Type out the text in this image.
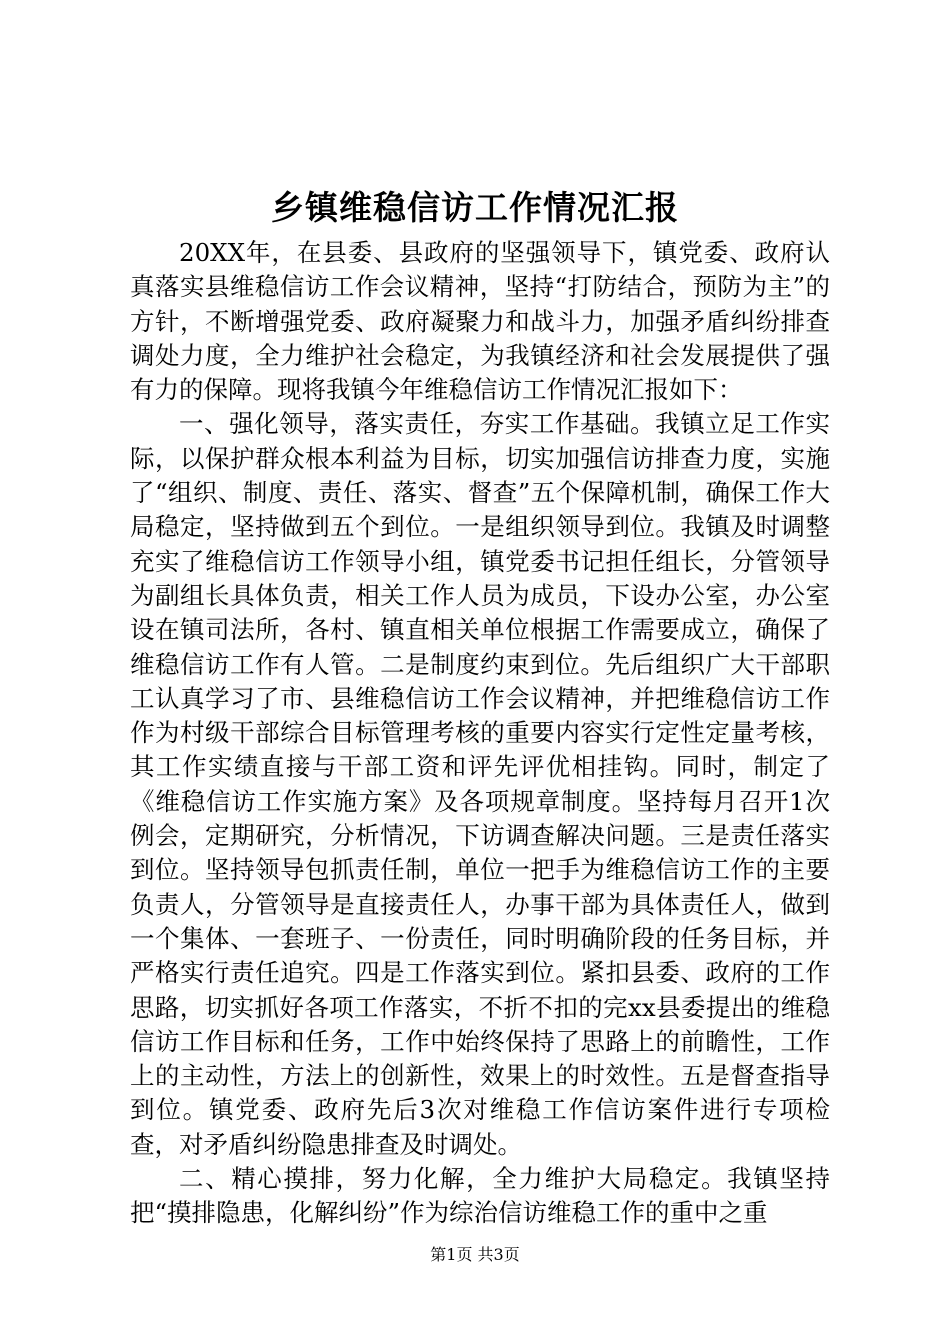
乡镇维稳信访工作情况汇报

20XX年，在县委、县政府的坚强领导下，镇党委、政府认真落实县维稳信访工作会议精神，坚持“打防结合，预防为主”的方针，不断增强党委、政府凝聚力和战斗力，加强矛盾纠纷排查调处力度，全力维护社会稳定，为我镇经济和社会发展提供了强有力的保障。现将我镇今年维稳信访工作情况汇报如下：

一、强化领导，落实责任，夯实工作基础。我镇立足工作实际，以保护群众根本利益为目标，切实加强信访排查力度，实施了“组织、制度、责任、落实、督查”五个保障机制，确保工作大局稳定，坚持做到五个到位。一是组织领导到位。我镇及时调整充实了维稳信访工作领导小组，镇党委书记担任组长，分管领导为副组长具体负责，相关工作人员为成员，下设办公室，办公室设在镇司法所，各村、镇直相关单位根据工作需要成立，确保了维稳信访工作有人管。二是制度约束到位。先后组织广大干部职工认真学习了市、县维稳信访工作会议精神，并把维稳信访工作作为村级干部综合目标管理考核的重要内容实行定性定量考核，其工作实绩直接与干部工资和评先评优相挂钩。同时，制定了《维稳信访工作实施方案》及各项规章制度。坚持每月召开1次例会，定期研究，分析情况，下访调查解决问题。三是责任落实到位。坚持领导包抓责任制，单位一把手为维稳信访工作的主要负责人，分管领导是直接责任人，办事干部为具体责任人，做到一个集体、一套班子、一份责任，同时明确阶段的任务目标，并严格实行责任追究。四是工作落实到位。紧扣县委、政府的工作思路，切实抓好各项工作落实，不折不扣的完xx县委提出的维稳信访工作目标和任务，工作中始终保持了思路上的前瞻性，工作上的主动性，方法上的创新性，效果上的时效性。五是督查指导到位。镇党委、政府先后3次对维稳工作信访案件进行专项检查，对矛盾纠纷隐患排查及时调处。

二、精心摸排，努力化解，全力维护大局稳定。我镇坚持把“摸排隐患，化解纠纷”作为综治信访维稳工作的重中之重

第1页 共3页
